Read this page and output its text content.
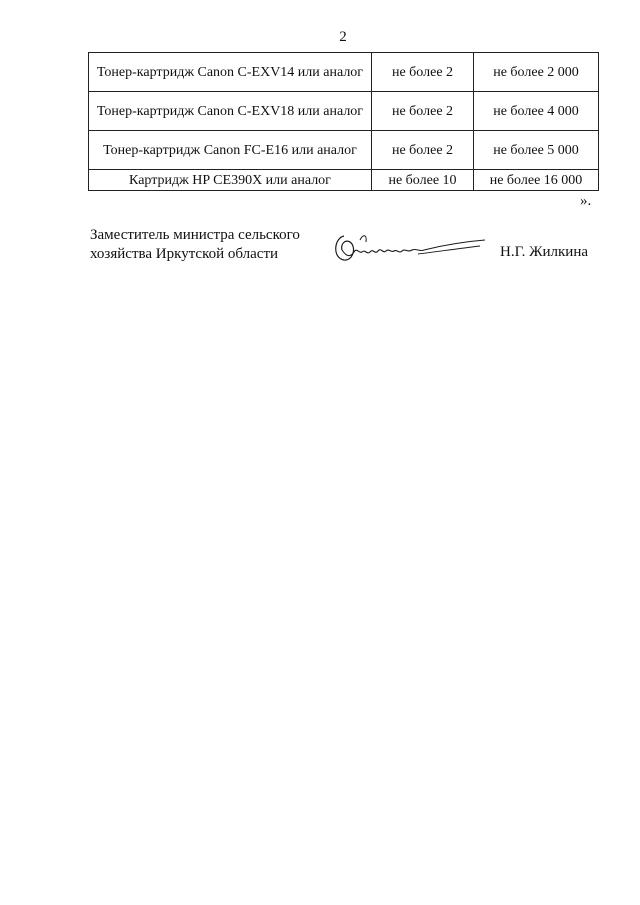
2
Тонер-картридж Canon C-EXV14 или аналог	не более 2	не более 2 000
Тонер-картридж Canon C-EXV18 или аналог	не более 2	не более 4 000
Тонер-картридж Canon FC-E16 или аналог	не более 2	не более 5 000
Картридж HP CE390X или аналог	не более 10	не более 16 000
».
Заместитель министра сельского
хозяйства Иркутской области	Н.Г. Жилкина
